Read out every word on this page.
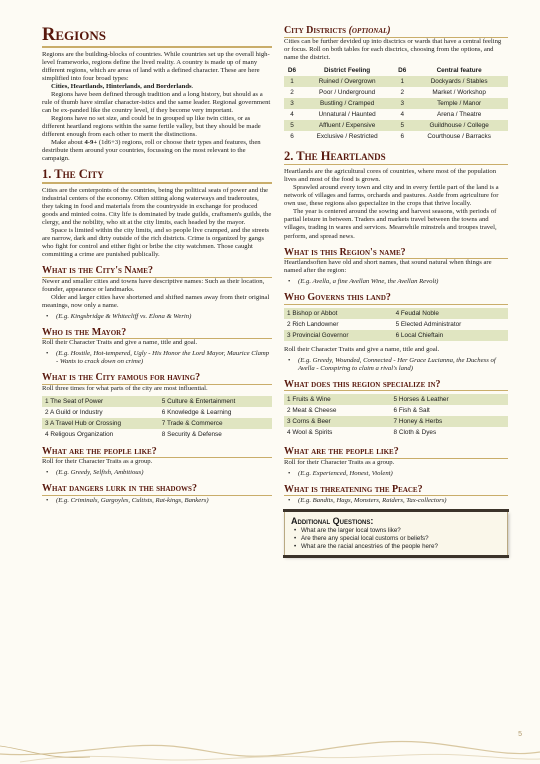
Regions

Regions are the building-blocks of countries. While countries set up the overall high-level frameworks, regions define the lived reality. A country is made up of many different regions, which are areas of land with a defined character. These are here simplified into four broad types:

Cities, Heartlands, Hinterlands, and Borderlands.

Regions have been defined through tradition and a long history, but should as a rule of thumb have similar character-istics and the same leader. Regional government can be ex-panded like the country level, if they become very important.

Regions have no set size, and could be in grouped up like twin cities, or as different heartland regions within the same fertile valley, but they should be made different enough from each other to merit the distinctions.

Make about 4-9+ (1d6+3) regions, roll or choose their types and features, then destribute them around your countries, focussing on the most relevant to the campaign.

1. The City

Cities are the centerpoints of the countries, being the political seats of power and the industrial centers of the economy. Often sitting along waterways and traderoutes, they taking in food and materials from the countryside in exchange for produced goods and minted coins. City life is dominated by trade guilds, craftsmen's guilds, the clergy, and the nobility, who sit at the city limits, each headed by the mayor.

Space is limited within the city limits, and so people live cramped, and the streets are narrow, dark and dirty outside of the rich districts. Crime is organized by gangs who fight for control and either fight or bribe the city watchmen. Those caught committing a crime are punished publically.

What is the City's Name?

Newer and smaller cities and towns have descriptive names: Such as their location, founder, appearance or landmarks.

Older and larger cities have shortened and shifted names away from their original meanings, now only a name.

• (E.g. Kingsbridge & Whitecliff vs. Elona & Werin)
Who is the Mayor?

Roll their Character Traits and give a name, title and goal.

• (E.g. Hostile, Hot-tempered, Ugly - His Honor the Lord Mayor, Maurice Clamp - Wants to crack down on crime)
What is the City famous for having?

Roll three times for what parts of the city are most influential.

1 The Seat of Power	5 Culture & Entertainment
2 A Guild or Industry	6 Knowledge & Learning
3 A Travel Hub or Crossing	7 Trade & Commerce
4 Religous Organization	8 Security & Defense
What are the people like?

Roll for their Character Traits as a group.

• (E.g. Greedy, Selfish, Ambitious)
What dangers lurk in the shadows?
• (E.g. Criminals, Gargoyles, Cultists, Rat-kings, Bankers)
City Districts (optional)

Cities can be further devided up into disctrics or wards that have a central feeling or focus. Roll on both tables for each disctrics, choosing from the options, and name the district.

D6	District Feeling	D6	Central feature
1	Ruined / Overgrown	1	Dockyards / Stables
2	Poor / Underground	2	Market / Workshop
3	Bustling / Cramped	3	Temple / Manor
4	Unnatural / Haunted	4	Arena / Theatre
5	Affluent / Expensive	5	Guildhouse / College
6	Exclusive / Restricted	6	Courthouse / Barracks
2. The Heartlands

Heartlands are the agricultural cores of countries, where most of the population lives and most of the food is grown.

Sprawled around every town and city and in every fertile part of the land is a network of villages and farms, orchards and pastures. Aside from agriculture for own use, these regions also gspecialize in the crops that thrive locally.

The year is centered around the sowing and harvest seasons, with periods of partial leisure in between. Traders and markets travel between the towns and villages, trading in wares and services. Meanwhile minstrels and troupes travel, perform, and spread news.

What is this Region's name?

Heartlandsoften have old and short names, that sound natural when things are named after the region:

• (E.g. Avella, a fine Avellan Wine, the Avellan Revolt)
Who Governs this land?
1 Bishop or Abbot	4 Feudal Noble
2 Rich Landowner	5 Elected Administrator
3 Provincial Governor	6 Local Chieftain

Roll their Character Traits and give a name, title and goal.

• (E.g. Greedy, Wounded, Connected - Her Grace Lucianna, the Duchess of Avella - Conspiring to claim a rival's land)
What does this region specialize in?
1 Fruits & Wine	5 Horses & Leather
2 Meat & Cheese	6 Fish & Salt
3 Corns & Beer	7 Honey & Herbs
4 Wool & Spirits	8 Cloth & Dyes
What are the people like?

Roll for their Character Traits as a group.

• (E.g. Experienced, Honest, Violent)
What is threatening the Peace?
• (E.g. Bandits, Hags, Monsters, Raiders, Tax-collectors)
Additional Questions:
• What are the larger local towns like?
• Are there any special local customs or beliefs?
• What are the racial ancestries of the people here?
5
